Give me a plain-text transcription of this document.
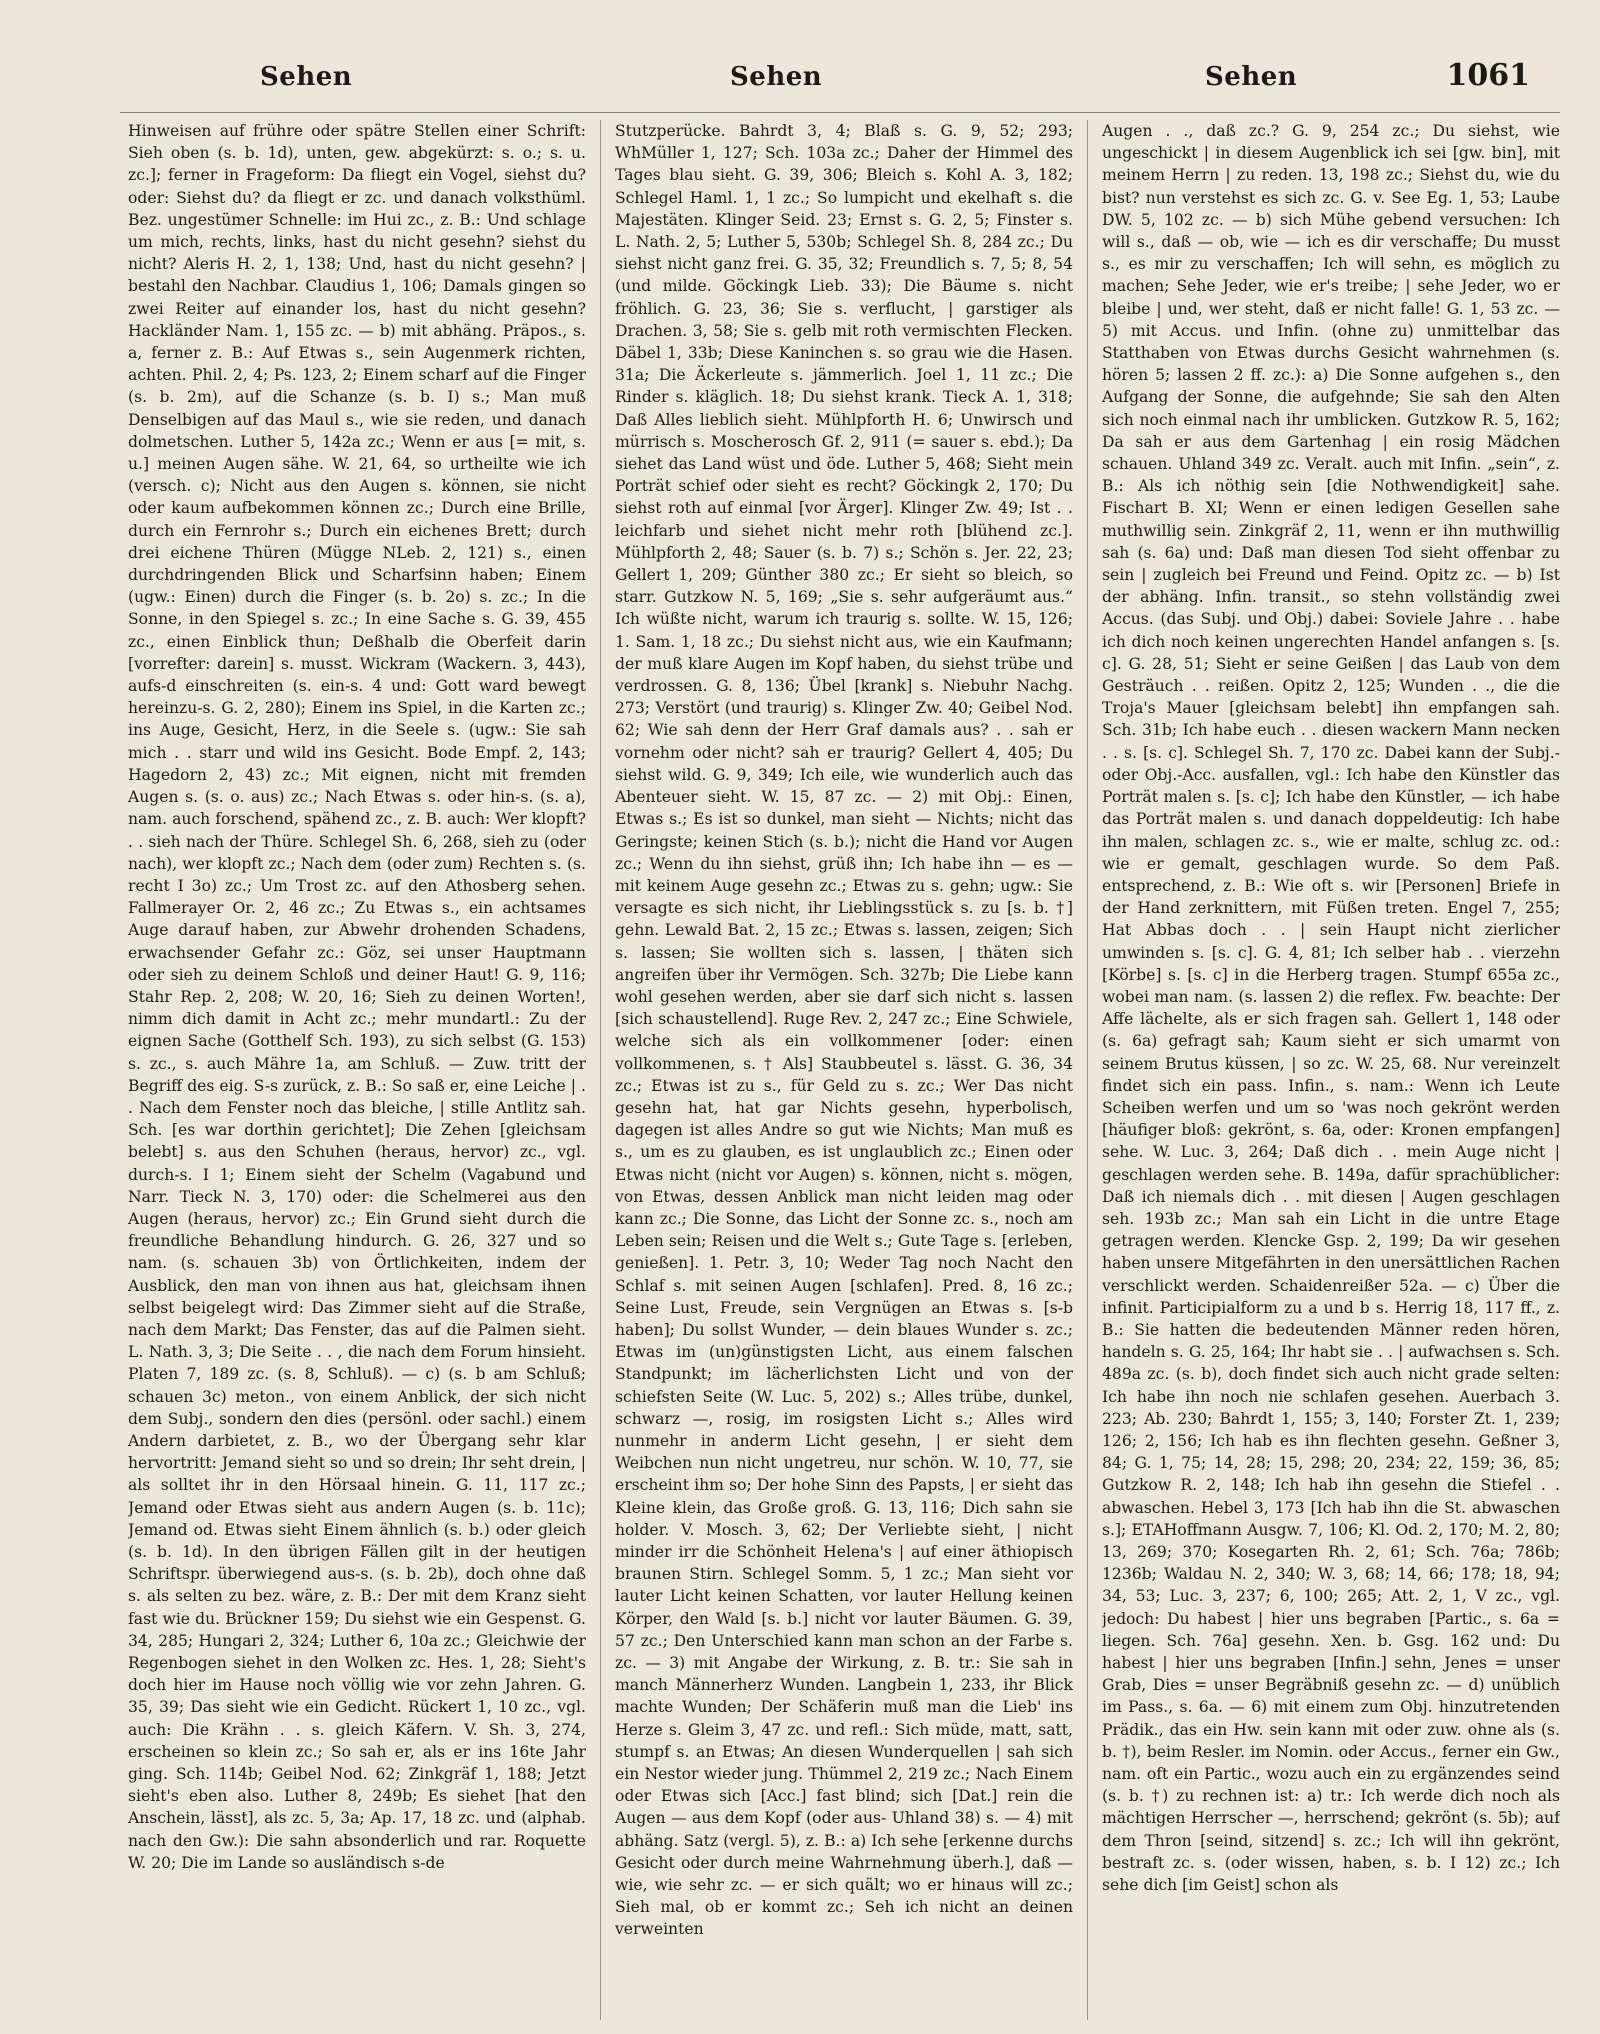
Sehen	Sehen	Sehen	1061

Hinweisen auf frühre oder spätre Stellen einer Schrift: Sieh oben (s. b. 1d), unten, gew. abgekürzt: s. o.; s. u. zc.]; ferner in Frageform: Da fliegt ein Vogel, siehst du? oder: Siehst du? da fliegt er zc. und danach volksthüml. Bez. ungestümer Schnelle: im Hui zc., z. B.: Und schlage um mich, rechts, links, hast du nicht gesehn? siehst du nicht? Aleris H. 2, 1, 138; Und, hast du nicht gesehn? | bestahl den Nachbar. Claudius 1, 106; Damals gingen so zwei Reiter auf einander los, hast du nicht gesehn? Hackländer Nam. 1, 155 zc. — b) mit abhäng. Präpos., s. a, ferner z. B.: Auf Etwas s., sein Augenmerk richten, achten. Phil. 2, 4; Ps. 123, 2; Einem scharf auf die Finger (s. b. 2m), auf die Schanze (s. b. I) s.; Man muß Denselbigen auf das Maul s., wie sie reden, und danach dolmetschen. Luther 5, 142a zc.; Wenn er aus [= mit, s. u.] meinen Augen sähe. W. 21, 64, so urtheilte wie ich (versch. c); Nicht aus den Augen s. können, sie nicht oder kaum aufbekommen können zc.; Durch eine Brille, durch ein Fernrohr s.; Durch ein eichenes Brett; durch drei eichene Thüren (Mügge NLeb. 2, 121) s., einen durchdringenden Blick und Scharfsinn haben; Einem (ugw.: Einen) durch die Finger (s. b. 2o) s. zc.; In die Sonne, in den Spiegel s. zc.; In eine Sache s. G. 39, 455 zc., einen Einblick thun; Deßhalb die Oberfeit darin [vorrefter: darein] s. musst. Wickram (Wackern. 3, 443), aufs-d einschreiten (s. ein-s. 4 und: Gott ward bewegt hereinzu-s. G. 2, 280); Einem ins Spiel, in die Karten zc.; ins Auge, Gesicht, Herz, in die Seele s. (ugw.: Sie sah mich . . starr und wild ins Gesicht. Bode Empf. 2, 143; Hagedorn 2, 43) zc.; Mit eignen, nicht mit fremden Augen s. (s. o. aus) zc.; Nach Etwas s. oder hin-s. (s. a), nam. auch forschend, spähend zc., z. B. auch: Wer klopft? . . sieh nach der Thüre. Schlegel Sh. 6, 268, sieh zu (oder nach), wer klopft zc.; Nach dem (oder zum) Rechten s. (s. recht I 3o) zc.; Um Trost zc. auf den Athosberg sehen. Fallmerayer Or. 2, 46 zc.; Zu Etwas s., ein achtsames Auge darauf haben, zur Abwehr drohenden Schadens, erwachsender Gefahr zc.: Göz, sei unser Hauptmann oder sieh zu deinem Schloß und deiner Haut! G. 9, 116; Stahr Rep. 2, 208; W. 20, 16; Sieh zu deinen Worten!, nimm dich damit in Acht zc.; mehr mundartl.: Zu der eignen Sache (Gotthelf Sch. 193), zu sich selbst (G. 153) s. zc., s. auch Mähre 1a, am Schluß. — Zuw. tritt der Begriff des eig. S-s zurück, z. B.: So saß er, eine Leiche | . . Nach dem Fenster noch das bleiche, | stille Antlitz sah. Sch. [es war dorthin gerichtet]; Die Zehen [gleichsam belebt] s. aus den Schuhen (heraus, hervor) zc., vgl. durch-s. I 1; Einem sieht der Schelm (Vagabund und Narr. Tieck N. 3, 170) oder: die Schelmerei aus den Augen (heraus, hervor) zc.; Ein Grund sieht durch die freundliche Behandlung hindurch. G. 26, 327 und so nam. (s. schauen 3b) von Örtlichkeiten, indem der Ausblick, den man von ihnen aus hat, gleichsam ihnen selbst beigelegt wird: Das Zimmer sieht auf die Straße, nach dem Markt; Das Fenster, das auf die Palmen sieht. L. Nath. 3, 3; Die Seite . . , die nach dem Forum hinsieht. Platen 7, 189 zc. (s. 8, Schluß). — c) (s. b am Schluß; schauen 3c) meton., von einem Anblick, der sich nicht dem Subj., sondern den dies (persönl. oder sachl.) einem Andern darbietet, z. B., wo der Übergang sehr klar hervortritt: Jemand sieht so und so drein; Ihr seht drein, | als solltet ihr in den Hörsaal hinein. G. 11, 117 zc.; Jemand oder Etwas sieht aus andern Augen (s. b. 11c); Jemand od. Etwas sieht Einem ähnlich (s. b.) oder gleich (s. b. 1d). In den übrigen Fällen gilt in der heutigen Schriftspr. überwiegend aus-s. (s. b. 2b), doch ohne daß s. als selten zu bez. wäre, z. B.: Der mit dem Kranz sieht fast wie du. Brückner 159; Du siehst wie ein Gespenst. G. 34, 285; Hungari 2, 324; Luther 6, 10a zc.; Gleichwie der Regenbogen siehet in den Wolken zc. Hes. 1, 28; Sieht's doch hier im Hause noch völlig wie vor zehn Jahren. G. 35, 39; Das sieht wie ein Gedicht. Rückert 1, 10 zc., vgl. auch: Die Krähn . . s. gleich Käfern. V. Sh. 3, 274, erscheinen so klein zc.; So sah er, als er ins 16te Jahr ging. Sch. 114b; Geibel Nod. 62; Zinkgräf 1, 188; Jetzt sieht's eben also. Luther 8, 249b; Es siehet [hat den Anschein, lässt], als zc. 5, 3a; Ap. 17, 18 zc. und (alphab. nach den Gw.): Die sahn absonderlich und rar. Roquette W. 20; Die im Lande so ausländisch s-de

Stutzperücke. Bahrdt 3, 4; Blaß s. G. 9, 52; 293; WhMüller 1, 127; Sch. 103a zc.; Daher der Himmel des Tages blau sieht. G. 39, 306; Bleich s. Kohl A. 3, 182; Schlegel Haml. 1, 1 zc.; So lumpicht und ekelhaft s. die Majestäten. Klinger Seid. 23; Ernst s. G. 2, 5; Finster s. L. Nath. 2, 5; Luther 5, 530b; Schlegel Sh. 8, 284 zc.; Du siehst nicht ganz frei. G. 35, 32; Freundlich s. 7, 5; 8, 54 (und milde. Göckingk Lieb. 33); Die Bäume s. nicht fröhlich. G. 23, 36; Sie s. verflucht, | garstiger als Drachen. 3, 58; Sie s. gelb mit roth vermischten Flecken. Däbel 1, 33b; Diese Kaninchen s. so grau wie die Hasen. 31a; Die Äckerleute s. jämmerlich. Joel 1, 11 zc.; Die Rinder s. kläglich. 18; Du siehst krank. Tieck A. 1, 318; Daß Alles lieblich sieht. Mühlpforth H. 6; Unwirsch und mürrisch s. Moscherosch Gf. 2, 911 (= sauer s. ebd.); Da siehet das Land wüst und öde. Luther 5, 468; Sieht mein Porträt schief oder sieht es recht? Göckingk 2, 170; Du siehst roth auf einmal [vor Ärger]. Klinger Zw. 49; Ist . . leichfarb und siehet nicht mehr roth [blühend zc.]. Mühlpforth 2, 48; Sauer (s. b. 7) s.; Schön s. Jer. 22, 23; Gellert 1, 209; Günther 380 zc.; Er sieht so bleich, so starr. Gutzkow N. 5, 169; „Sie s. sehr aufgeräumt aus.“ Ich wüßte nicht, warum ich traurig s. sollte. W. 15, 126; 1. Sam. 1, 18 zc.; Du siehst nicht aus, wie ein Kaufmann; der muß klare Augen im Kopf haben, du siehst trübe und verdrossen. G. 8, 136; Übel [krank] s. Niebuhr Nachg. 273; Verstört (und traurig) s. Klinger Zw. 40; Geibel Nod. 62; Wie sah denn der Herr Graf damals aus? . . sah er vornehm oder nicht? sah er traurig? Gellert 4, 405; Du siehst wild. G. 9, 349; Ich eile, wie wunderlich auch das Abenteuer sieht. W. 15, 87 zc. — 2) mit Obj.: Einen, Etwas s.; Es ist so dunkel, man sieht — Nichts; nicht das Geringste; keinen Stich (s. b.); nicht die Hand vor Augen zc.; Wenn du ihn siehst, grüß ihn; Ich habe ihn — es — mit keinem Auge gesehn zc.; Etwas zu s. gehn; ugw.: Sie versagte es sich nicht, ihr Lieblingsstück s. zu [s. b. †] gehn. Lewald Bat. 2, 15 zc.; Etwas s. lassen, zeigen; Sich s. lassen; Sie wollten sich s. lassen, | thäten sich angreifen über ihr Vermögen. Sch. 327b; Die Liebe kann wohl gesehen werden, aber sie darf sich nicht s. lassen [sich schaustellend]. Ruge Rev. 2, 247 zc.; Eine Schwiele, welche sich als ein vollkommener [oder: einen vollkommenen, s. † Als] Staubbeutel s. lässt. G. 36, 34 zc.; Etwas ist zu s., für Geld zu s. zc.; Wer Das nicht gesehn hat, hat gar Nichts gesehn, hyperbolisch, dagegen ist alles Andre so gut wie Nichts; Man muß es s., um es zu glauben, es ist unglaublich zc.; Einen oder Etwas nicht (nicht vor Augen) s. können, nicht s. mögen, von Etwas, dessen Anblick man nicht leiden mag oder kann zc.; Die Sonne, das Licht der Sonne zc. s., noch am Leben sein; Reisen und die Welt s.; Gute Tage s. [erleben, genießen]. 1. Petr. 3, 10; Weder Tag noch Nacht den Schlaf s. mit seinen Augen [schlafen]. Pred. 8, 16 zc.; Seine Lust, Freude, sein Vergnügen an Etwas s. [s-b haben]; Du sollst Wunder, — dein blaues Wunder s. zc.; Etwas im (un)günstigsten Licht, aus einem falschen Standpunkt; im lächerlichsten Licht und von der schiefsten Seite (W. Luc. 5, 202) s.; Alles trübe, dunkel, schwarz —, rosig, im rosigsten Licht s.; Alles wird nunmehr in anderm Licht gesehn, | er sieht dem Weibchen nun nicht ungetreu, nur schön. W. 10, 77, sie erscheint ihm so; Der hohe Sinn des Papsts, | er sieht das Kleine klein, das Große groß. G. 13, 116; Dich sahn sie holder. V. Mosch. 3, 62; Der Verliebte sieht, | nicht minder irr die Schönheit Helena's | auf einer äthiopisch braunen Stirn. Schlegel Somm. 5, 1 zc.; Man sieht vor lauter Licht keinen Schatten, vor lauter Hellung keinen Körper, den Wald [s. b.] nicht vor lauter Bäumen. G. 39, 57 zc.; Den Unterschied kann man schon an der Farbe s. zc. — 3) mit Angabe der Wirkung, z. B. tr.: Sie sah in manch Männerherz Wunden. Langbein 1, 233, ihr Blick machte Wunden; Der Schäferin muß man die Lieb' ins Herze s. Gleim 3, 47 zc. und refl.: Sich müde, matt, satt, stumpf s. an Etwas; An diesen Wunderquellen | sah sich ein Nestor wieder jung. Thümmel 2, 219 zc.; Nach Einem oder Etwas sich [Acc.] fast blind; sich [Dat.] rein die Augen — aus dem Kopf (oder aus- Uhland 38) s. — 4) mit abhäng. Satz (vergl. 5), z. B.: a) Ich sehe [erkenne durchs Gesicht oder durch meine Wahrnehmung überh.], daß — wie, wie sehr zc. — er sich quält; wo er hinaus will zc.; Sieh mal, ob er kommt zc.; Seh ich nicht an deinen verweinten

Augen . ., daß zc.? G. 9, 254 zc.; Du siehst, wie ungeschickt | in diesem Augenblick ich sei [gw. bin], mit meinem Herrn | zu reden. 13, 198 zc.; Siehst du, wie du bist? nun verstehst es sich zc. G. v. See Eg. 1, 53; Laube DW. 5, 102 zc. — b) sich Mühe gebend versuchen: Ich will s., daß — ob, wie — ich es dir verschaffe; Du musst s., es mir zu verschaffen; Ich will sehn, es möglich zu machen; Sehe Jeder, wie er's treibe; | sehe Jeder, wo er bleibe | und, wer steht, daß er nicht falle! G. 1, 53 zc. — 5) mit Accus. und Infin. (ohne zu) unmittelbar das Statthaben von Etwas durchs Gesicht wahrnehmen (s. hören 5; lassen 2 ff. zc.): a) Die Sonne aufgehen s., den Aufgang der Sonne, die aufgehnde; Sie sah den Alten sich noch einmal nach ihr umblicken. Gutzkow R. 5, 162; Da sah er aus dem Gartenhag | ein rosig Mädchen schauen. Uhland 349 zc. Veralt. auch mit Infin. „sein“, z. B.: Als ich nöthig sein [die Nothwendigkeit] sahe. Fischart B. XI; Wenn er einen ledigen Gesellen sahe muthwillig sein. Zinkgräf 2, 11, wenn er ihn muthwillig sah (s. 6a) und: Daß man diesen Tod sieht offenbar zu sein | zugleich bei Freund und Feind. Opitz zc. — b) Ist der abhäng. Infin. transit., so stehn vollständig zwei Accus. (das Subj. und Obj.) dabei: Soviele Jahre . . habe ich dich noch keinen ungerechten Handel anfangen s. [s. c]. G. 28, 51; Sieht er seine Geißen | das Laub von dem Gesträuch . . reißen. Opitz 2, 125; Wunden . ., die die Troja's Mauer [gleichsam belebt] ihn empfangen sah. Sch. 31b; Ich habe euch . . diesen wackern Mann necken . . s. [s. c]. Schlegel Sh. 7, 170 zc. Dabei kann der Subj.- oder Obj.-Acc. ausfallen, vgl.: Ich habe den Künstler das Porträt malen s. [s. c]; Ich habe den Künstler, — ich habe das Porträt malen s. und danach doppeldeutig: Ich habe ihn malen, schlagen zc. s., wie er malte, schlug zc. od.: wie er gemalt, geschlagen wurde. So dem Paß. entsprechend, z. B.: Wie oft s. wir [Personen] Briefe in der Hand zerknittern, mit Füßen treten. Engel 7, 255; Hat Abbas doch . . | sein Haupt nicht zierlicher umwinden s. [s. c]. G. 4, 81; Ich selber hab . . vierzehn [Körbe] s. [s. c] in die Herberg tragen. Stumpf 655a zc., wobei man nam. (s. lassen 2) die reflex. Fw. beachte: Der Affe lächelte, als er sich fragen sah. Gellert 1, 148 oder (s. 6a) gefragt sah; Kaum sieht er sich umarmt von seinem Brutus küssen, | so zc. W. 25, 68. Nur vereinzelt findet sich ein pass. Infin., s. nam.: Wenn ich Leute Scheiben werfen und um so 'was noch gekrönt werden [häufiger bloß: gekrönt, s. 6a, oder: Kronen empfangen] sehe. W. Luc. 3, 264; Daß dich . . mein Auge nicht | geschlagen werden sehe. B. 149a, dafür sprachüblicher: Daß ich niemals dich . . mit diesen | Augen geschlagen seh. 193b zc.; Man sah ein Licht in die untre Etage getragen werden. Klencke Gsp. 2, 199; Da wir gesehen haben unsere Mitgefährten in den unersättlichen Rachen verschlickt werden. Schaidenreißer 52a. — c) Über die infinit. Participialform zu a und b s. Herrig 18, 117 ff., z. B.: Sie hatten die bedeutenden Männer reden hören, handeln s. G. 25, 164; Ihr habt sie . . | aufwachsen s. Sch. 489a zc. (s. b), doch findet sich auch nicht grade selten: Ich habe ihn noch nie schlafen gesehen. Auerbach 3. 223; Ab. 230; Bahrdt 1, 155; 3, 140; Forster Zt. 1, 239; 126; 2, 156; Ich hab es ihn flechten gesehn. Geßner 3, 84; G. 1, 75; 14, 28; 15, 298; 20, 234; 22, 159; 36, 85; Gutzkow R. 2, 148; Ich hab ihn gesehn die Stiefel . . abwaschen. Hebel 3, 173 [Ich hab ihn die St. abwaschen s.]; ETAHoffmann Ausgw. 7, 106; Kl. Od. 2, 170; M. 2, 80; 13, 269; 370; Kosegarten Rh. 2, 61; Sch. 76a; 786b; 1236b; Waldau N. 2, 340; W. 3, 68; 14, 66; 178; 18, 94; 34, 53; Luc. 3, 237; 6, 100; 265; Att. 2, 1, V zc., vgl. jedoch: Du habest | hier uns begraben [Partic., s. 6a = liegen. Sch. 76a] gesehn. Xen. b. Gsg. 162 und: Du habest | hier uns begraben [Infin.] sehn, Jenes = unser Grab, Dies = unser Begräbniß gesehn zc. — d) unüblich im Pass., s. 6a. — 6) mit einem zum Obj. hinzutretenden Prädik., das ein Hw. sein kann mit oder zuw. ohne als (s. b. †), beim Resler. im Nomin. oder Accus., ferner ein Gw., nam. oft ein Partic., wozu auch ein zu ergänzendes seind (s. b. †) zu rechnen ist: a) tr.: Ich werde dich noch als mächtigen Herrscher —, herrschend; gekrönt (s. 5b); auf dem Thron [seind, sitzend] s. zc.; Ich will ihn gekrönt, bestraft zc. s. (oder wissen, haben, s. b. I 12) zc.; Ich sehe dich [im Geist] schon als
